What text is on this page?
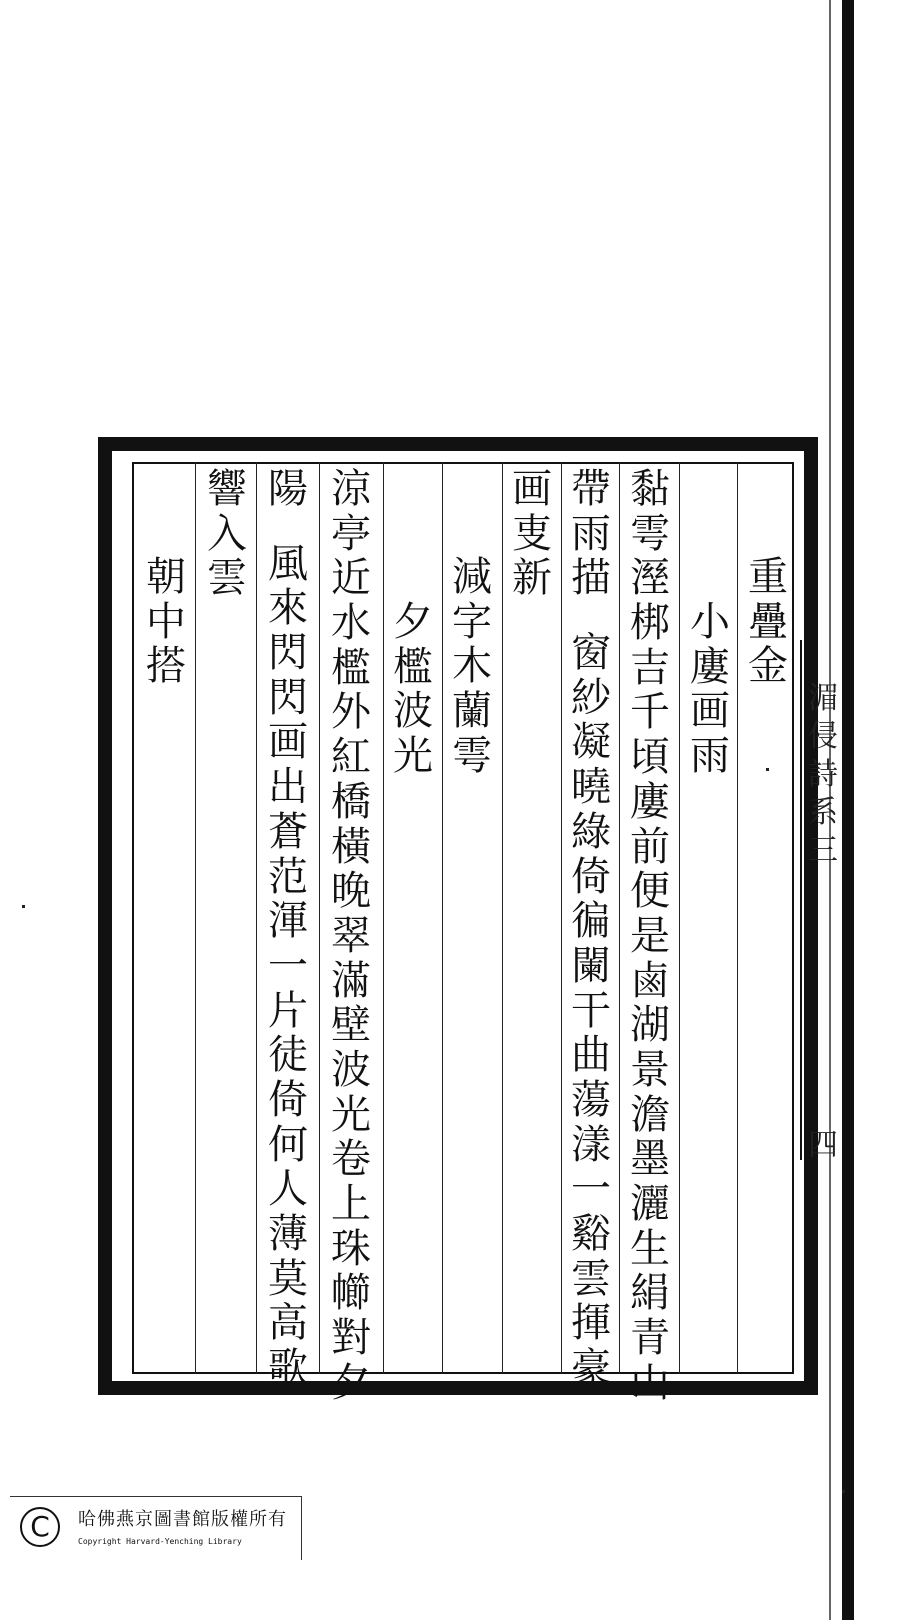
湄
侵
詩
系
三
四
重
疊
金
小
廔
画
雨
黏
雩
溼
梆
吉
千
頃
廔
前
便
是
鹵
湖
景
澹
墨
灑
生
絹
青
山
帶
雨
描
窗
紗
凝
曉
綠
倚
徧
闌
干
曲
蕩
漾
一
谿
雲
揮
豪
画
叓
新
減
字
木
蘭
雩
夕
檻
波
光
涼
亭
近
水
檻
外
紅
橋
橫
晚
翠
滿
壁
波
光
卷
上
珠
幯
對
夕
陽
風
來
閃
閃
画
出
蒼
范
渾
一
片
徒
倚
何
人
薄
莫
高
歌
響
入
雲
朝
中
搭
C	哈佛燕京圖書館版權所有
Copyright Harvard-Yenching Library
